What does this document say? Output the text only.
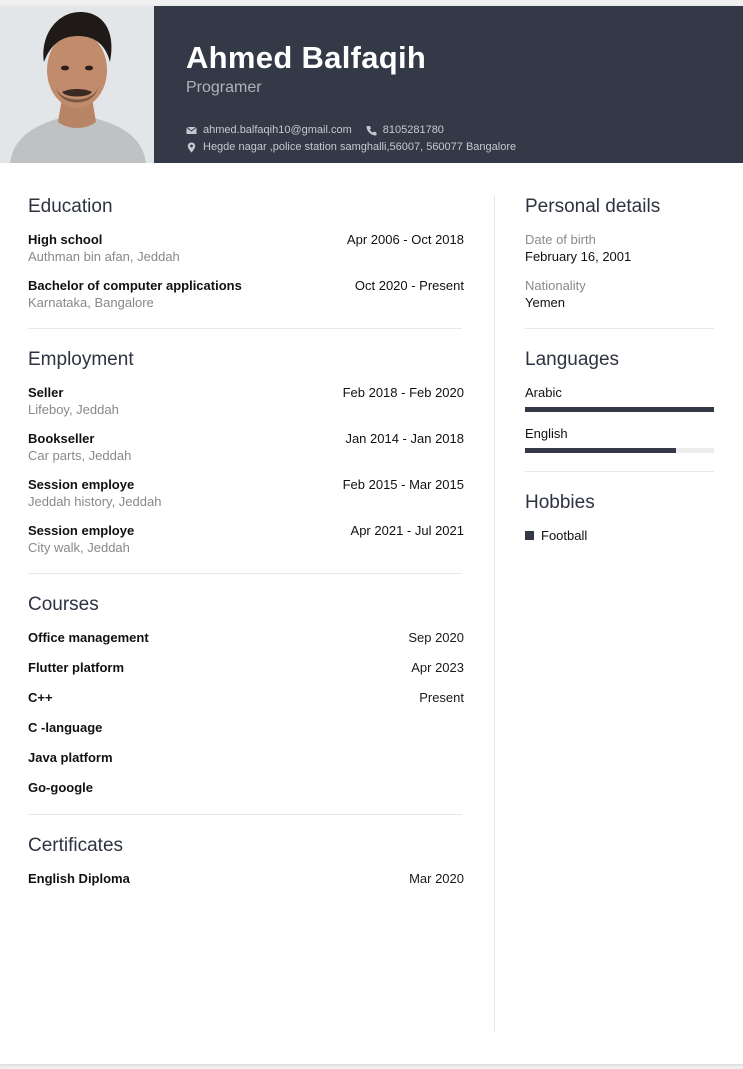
Ahmed Balfaqih
Programer
ahmed.balfaqih10@gmail.com	8105281780
Hegde nagar ,police station samghalli,56007, 560077 Bangalore
Education
High school	Apr 2006 - Oct 2018
Authman bin afan, Jeddah
Bachelor of computer applications	Oct 2020 - Present
Karnataka, Bangalore
Employment
Seller	Feb 2018 - Feb 2020
Lifeboy, Jeddah
Bookseller	Jan 2014 - Jan 2018
Car parts, Jeddah
Session employe	Feb 2015 - Mar 2015
Jeddah history, Jeddah
Session employe	Apr 2021 - Jul 2021
City walk, Jeddah
Courses
Office management	Sep 2020
Flutter platform	Apr 2023
C++	Present
C -language
Java platform
Go-google
Certificates
English Diploma	Mar 2020
Personal details
Date of birth
February 16, 2001
Nationality
Yemen
Languages
Arabic
English
Hobbies
Football
